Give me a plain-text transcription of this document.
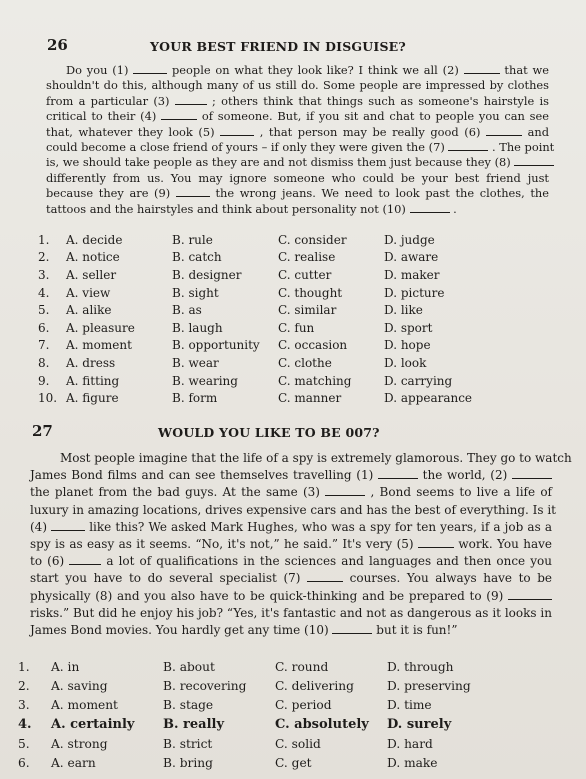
26	YOUR BEST FRIEND IN DISGUISE?
Do you (1)	people on what they look like? I think we all (2)	that we
shouldn't do this, although many of us still do. Some people are impressed by clothes
from a particular (3)	; others think that things such as someone's hairstyle is
critical to their (4)	of someone. But, if you sit and chat to people you can see
that, whatever they look (5)	, that person may be really good (6)	and
could become a close friend of yours – if only they were given the (7)	. The point
is, we should take people as they are and not dismiss them just because they (8)
differently from us. You may ignore someone who could be your best friend just
because they are (9)	the wrong jeans. We need to look past the clothes, the
tattoos and the hairstyles and think about personality not (10)	.
1.	A. decide	B. rule	C. consider	D. judge
2.	A. notice	B. catch	C. realise	D. aware
3.	A. seller	B. designer	C. cutter	D. maker
4.	A. view	B. sight	C. thought	D. picture
5.	A. alike	B. as	C. similar	D. like
6.	A. pleasure	B. laugh	C. fun	D. sport
7.	A. moment	B. opportunity	C. occasion	D. hope
8.	A. dress	B. wear	C. clothe	D. look
9.	A. fitting	B. wearing	C. matching	D. carrying
10.	A. figure	B. form	C. manner	D. appearance
27	WOULD YOU LIKE TO BE 007?
Most people imagine that the life of a spy is extremely glamorous. They go to watch
James Bond films and can see themselves travelling (1)	the world, (2)
the planet from the bad guys. At the same (3)	, Bond seems to live a life of
luxury in amazing locations, drives expensive cars and has the best of everything. Is it
(4)	like this? We asked Mark Hughes, who was a spy for ten years, if a job as a
spy is as easy as it seems. “No, it's not,” he said.” It's very (5)	work. You have
to (6)	a lot of qualifications in the sciences and languages and then once you
start you have to do several specialist (7)	courses. You always have to be
physically (8) and you also have to be quick-thinking and be prepared to (9)
risks.” But did he enjoy his job? “Yes, it's fantastic and not as dangerous as it looks in
James Bond movies. You hardly get any time (10)	but it is fun!”
1.	A. in	B. about	C. round	D. through
2.	A. saving	B. recovering	C. delivering	D. preserving
3.	A. moment	B. stage	C. period	D. time
4.	A. certainly	B. really	C. absolutely	D. surely
5.	A. strong	B. strict	C. solid	D. hard
6.	A. earn	B. bring	C. get	D. make
